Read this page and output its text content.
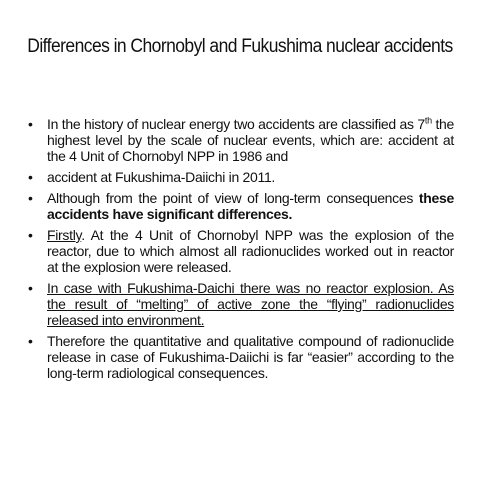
Differences in Chornobyl and Fukushima nuclear accidents
• In the history of nuclear energy two accidents are classified as 7th the highest level by the scale of nuclear events, which are: accident at the 4 Unit of Chornobyl NPP in 1986 and
• accident at Fukushima-Daiichi in 2011.
• Although from the point of view of long-term consequences these accidents have significant differences.
• Firstly. At the 4 Unit of Chornobyl NPP was the explosion of the reactor, due to which almost all radionuclides worked out in reactor at the explosion were released.
• In case with Fukushima-Daichi there was no reactor explosion. As the result of “melting” of active zone the “flying” radionuclides released into environment.
• Therefore the quantitative and qualitative compound of radionuclide release in case of Fukushima-Daiichi is far “easier” according to the long-term radiological consequences.
